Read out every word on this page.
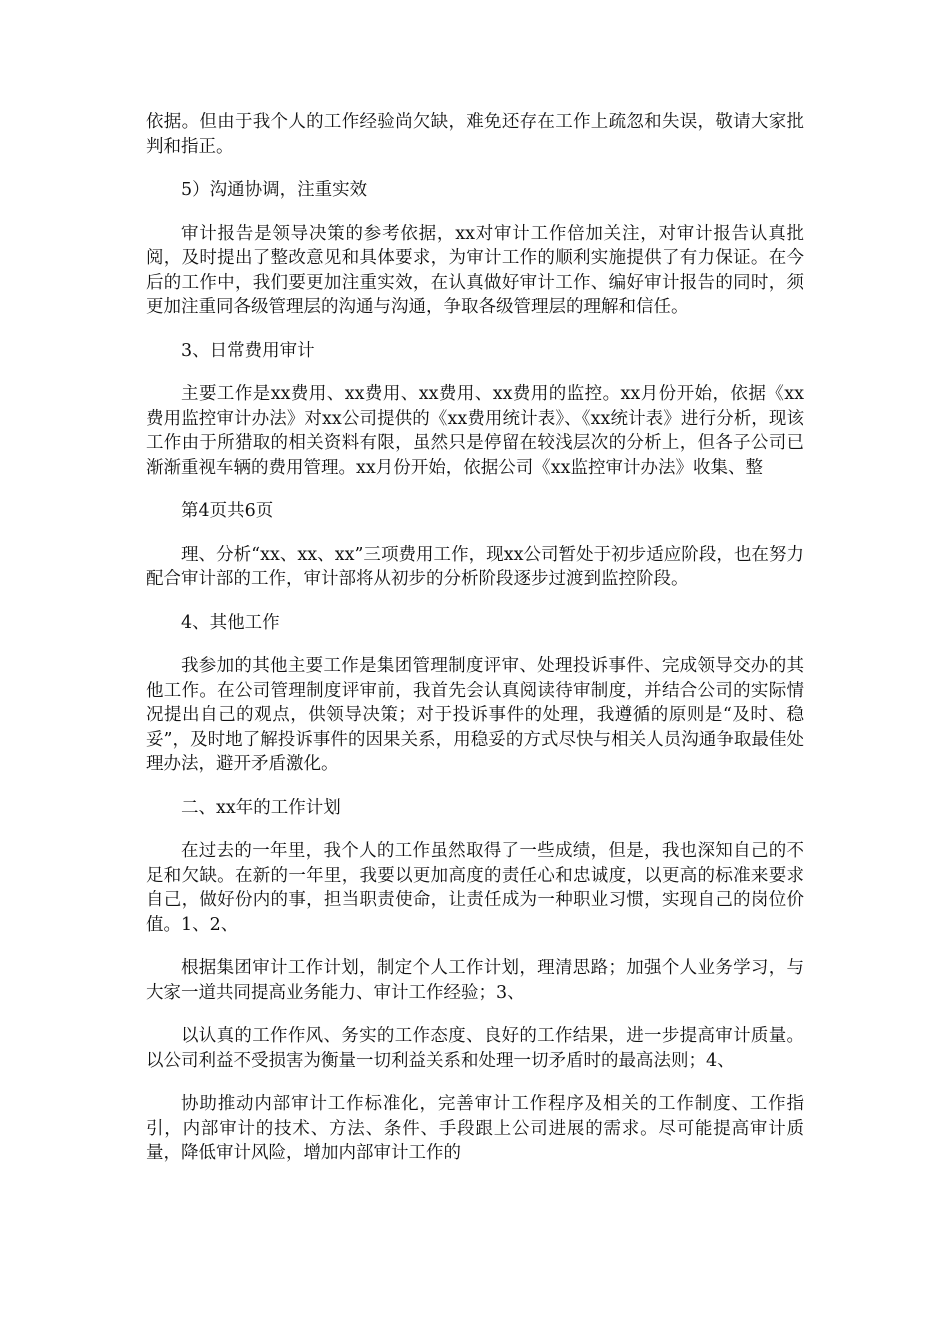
依据。但由于我个人的工作经验尚欠缺，难免还存在工作上疏忽和失误，敬请大家批判和指正。

5）沟通协调，注重实效

审计报告是领导决策的参考依据，xx对审计工作倍加关注，对审计报告认真批阅，及时提出了整改意见和具体要求，为审计工作的顺利实施提供了有力保证。在今后的工作中，我们要更加注重实效，在认真做好审计工作、编好审计报告的同时，须更加注重同各级管理层的沟通与沟通，争取各级管理层的理解和信任。

3、日常费用审计

主要工作是xx费用、xx费用、xx费用、xx费用的监控。xx月份开始，依据《xx费用监控审计办法》对xx公司提供的《xx费用统计表》、《xx统计表》进行分析，现该工作由于所猎取的相关资料有限，虽然只是停留在较浅层次的分析上，但各子公司已渐渐重视车辆的费用管理。xx月份开始，依据公司《xx监控审计办法》收集、整

第4页共6页

理、分析“xx、xx、xx”三项费用工作，现xx公司暂处于初步适应阶段，也在努力配合审计部的工作，审计部将从初步的分析阶段逐步过渡到监控阶段。

4、其他工作

我参加的其他主要工作是集团管理制度评审、处理投诉事件、完成领导交办的其他工作。在公司管理制度评审前，我首先会认真阅读待审制度，并结合公司的实际情况提出自己的观点，供领导决策；对于投诉事件的处理，我遵循的原则是“及时、稳妥”，及时地了解投诉事件的因果关系，用稳妥的方式尽快与相关人员沟通争取最佳处理办法，避开矛盾激化。

二、xx年的工作计划

在过去的一年里，我个人的工作虽然取得了一些成绩，但是，我也深知自己的不足和欠缺。在新的一年里，我要以更加高度的责任心和忠诚度，以更高的标准来要求自己，做好份内的事，担当职责使命，让责任成为一种职业习惯，实现自己的岗位价值。1、2、

根据集团审计工作计划，制定个人工作计划，理清思路；加强个人业务学习，与大家一道共同提高业务能力、审计工作经验；3、

以认真的工作作风、务实的工作态度、良好的工作结果，进一步提高审计质量。以公司利益不受损害为衡量一切利益关系和处理一切矛盾时的最高法则；4、

协助推动内部审计工作标准化，完善审计工作程序及相关的工作制度、工作指引，内部审计的技术、方法、条件、手段跟上公司进展的需求。尽可能提高审计质量，降低审计风险，增加内部审计工作的
